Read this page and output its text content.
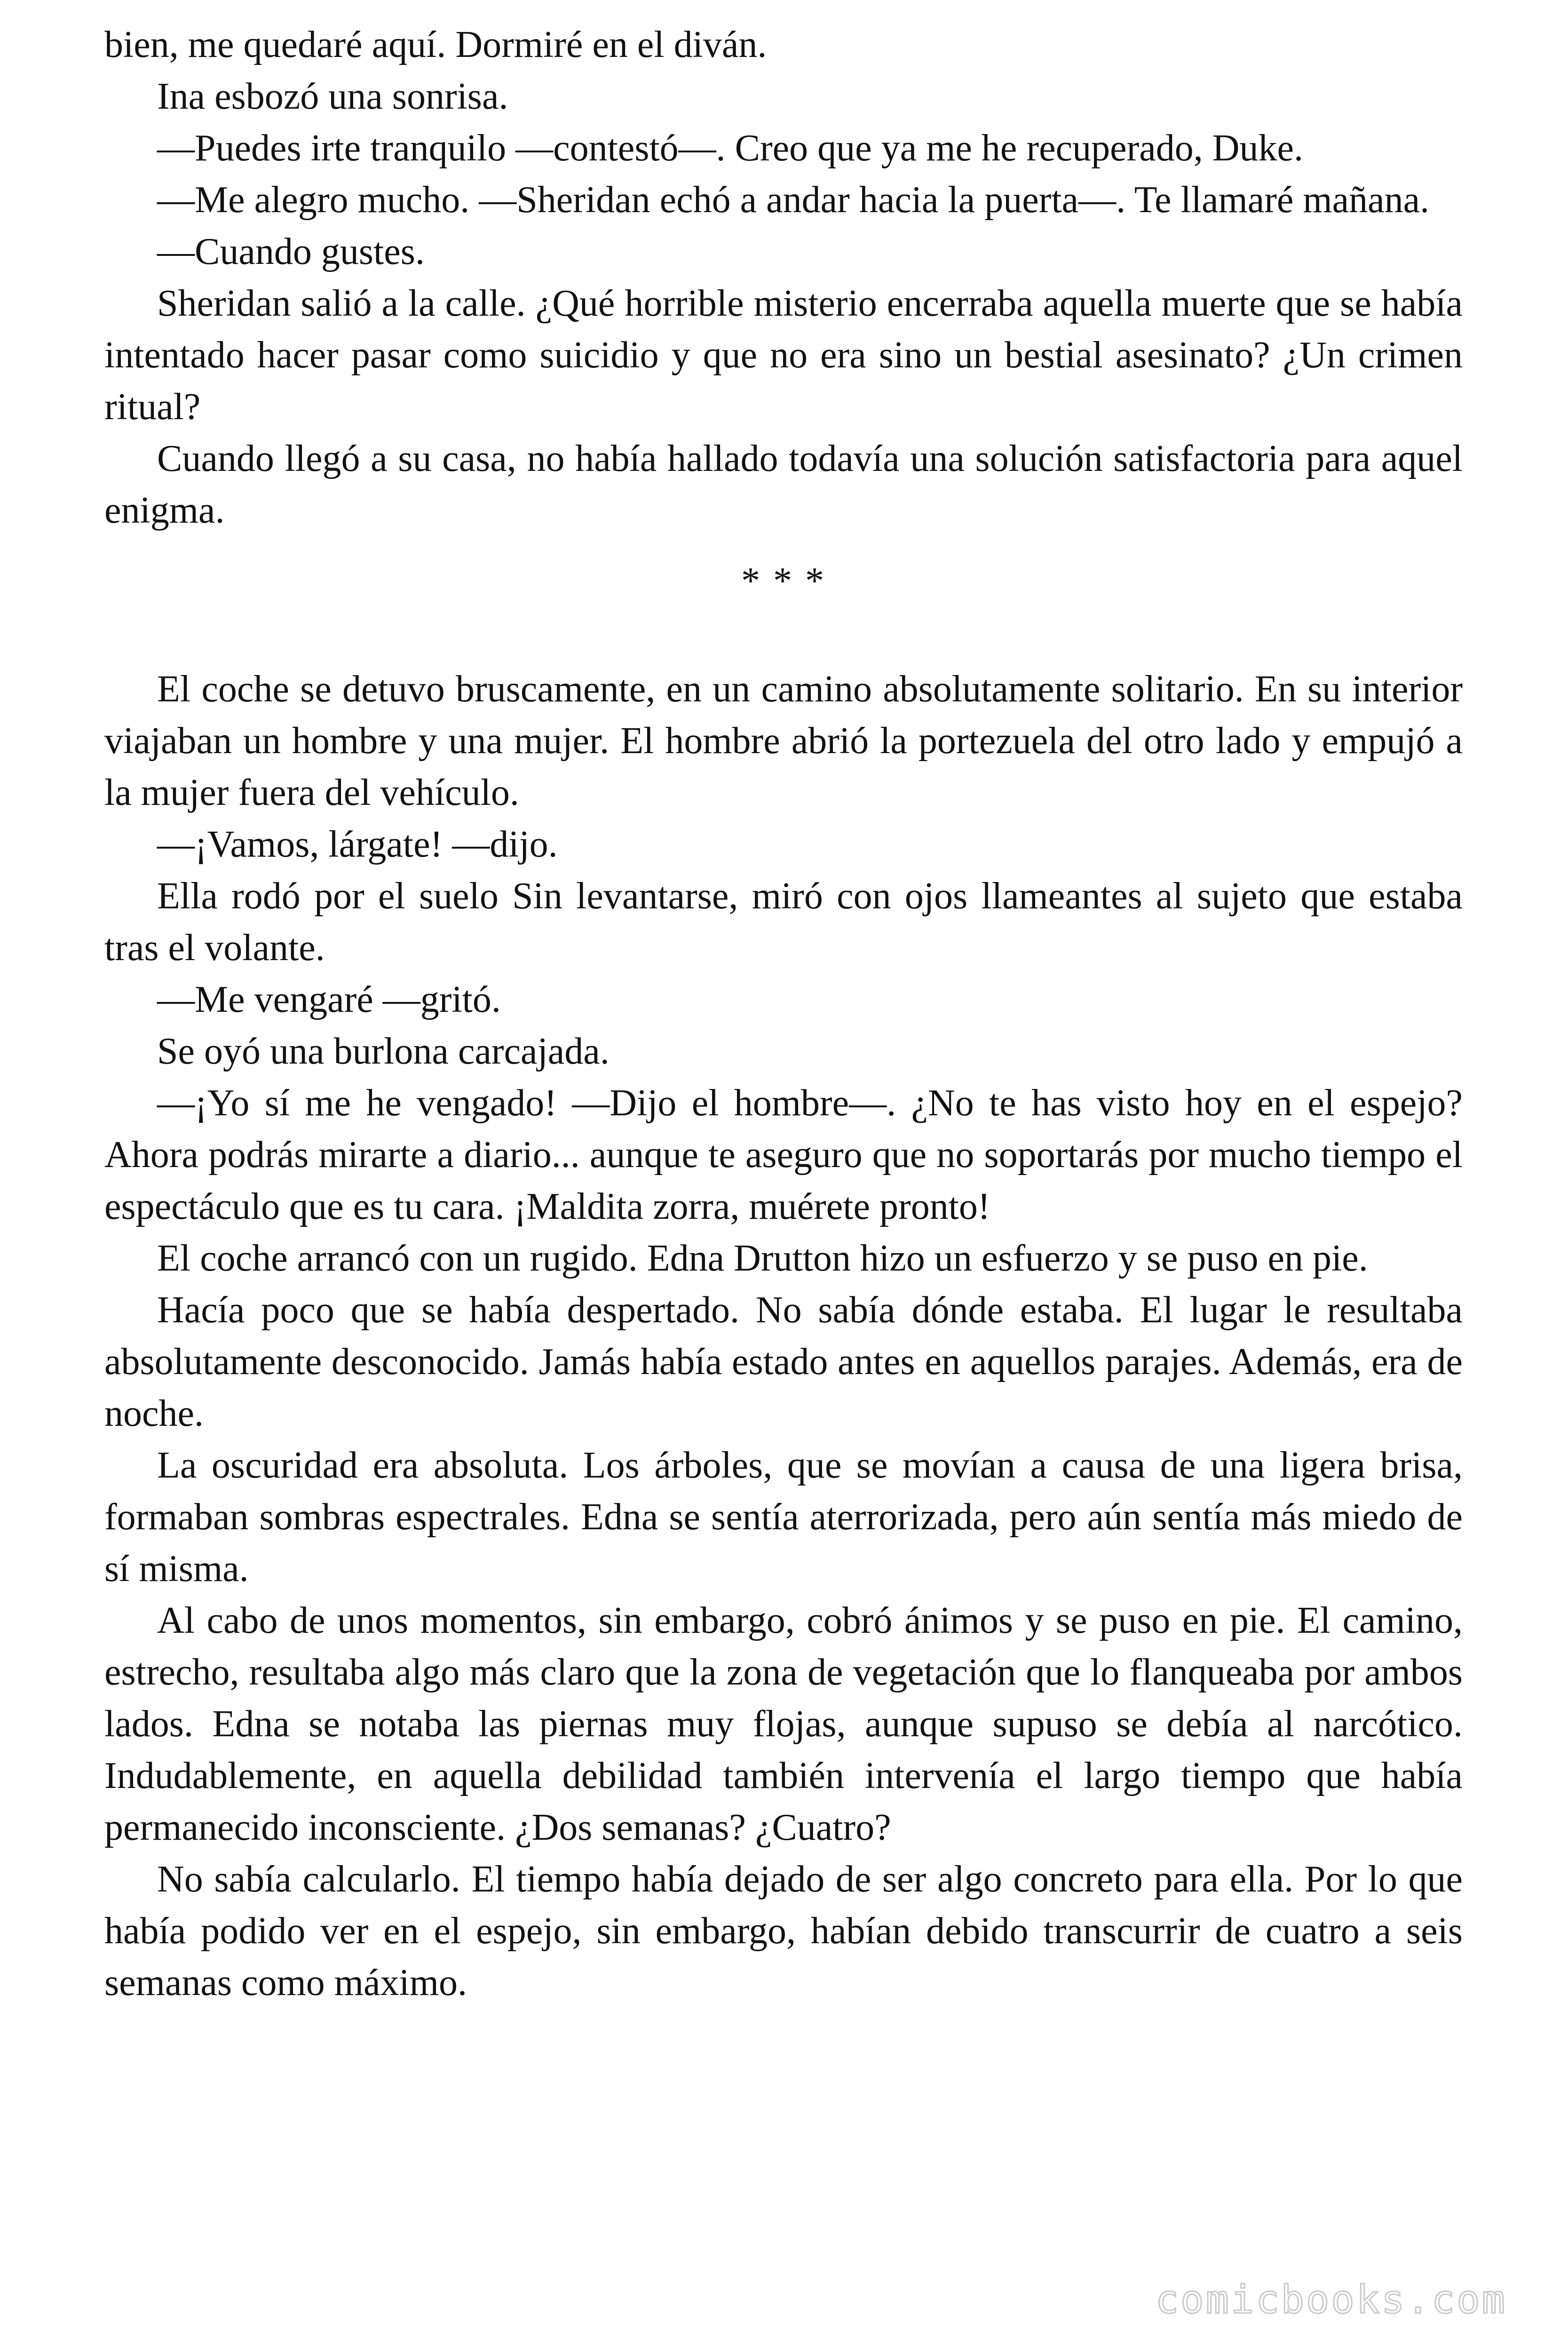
bien, me quedaré aquí. Dormiré en el diván.

Ina esbozó una sonrisa.

—Puedes irte tranquilo —contestó—. Creo que ya me he recuperado, Duke.

—Me alegro mucho. —Sheridan echó a andar hacia la puerta—. Te llamaré mañana.

—Cuando gustes.

Sheridan salió a la calle. ¿Qué horrible misterio encerraba aquella muerte que se había intentado hacer pasar como suicidio y que no era sino un bestial asesinato? ¿Un crimen ritual?

Cuando llegó a su casa, no había hallado todavía una solución satisfactoria para aquel enigma.

* * *

El coche se detuvo bruscamente, en un camino absolutamente solitario. En su interior viajaban un hombre y una mujer. El hombre abrió la portezuela del otro lado y empujó a la mujer fuera del vehículo.

—¡Vamos, lárgate! —dijo.

Ella rodó por el suelo Sin levantarse, miró con ojos llameantes al sujeto que estaba tras el volante.

—Me vengaré —gritó.

Se oyó una burlona carcajada.

—¡Yo sí me he vengado! —Dijo el hombre—. ¿No te has visto hoy en el espejo? Ahora podrás mirarte a diario... aunque te aseguro que no soportarás por mucho tiempo el espectáculo que es tu cara. ¡Maldita zorra, muérete pronto!

El coche arrancó con un rugido. Edna Drutton hizo un esfuerzo y se puso en pie.

Hacía poco que se había despertado. No sabía dónde estaba. El lugar le resultaba absolutamente desconocido. Jamás había estado antes en aquellos parajes. Además, era de noche.

La oscuridad era absoluta. Los árboles, que se movían a causa de una ligera brisa, formaban sombras espectrales. Edna se sentía aterrorizada, pero aún sentía más miedo de sí misma.

Al cabo de unos momentos, sin embargo, cobró ánimos y se puso en pie. El camino, estrecho, resultaba algo más claro que la zona de vegetación que lo flanqueaba por ambos lados. Edna se notaba las piernas muy flojas, aunque supuso se debía al narcótico. Indudablemente, en aquella debilidad también intervenía el largo tiempo que había permanecido inconsciente. ¿Dos semanas? ¿Cuatro?

No sabía calcularlo. El tiempo había dejado de ser algo concreto para ella. Por lo que había podido ver en el espejo, sin embargo, habían debido transcurrir de cuatro a seis semanas como máximo.

comicbooks.com
